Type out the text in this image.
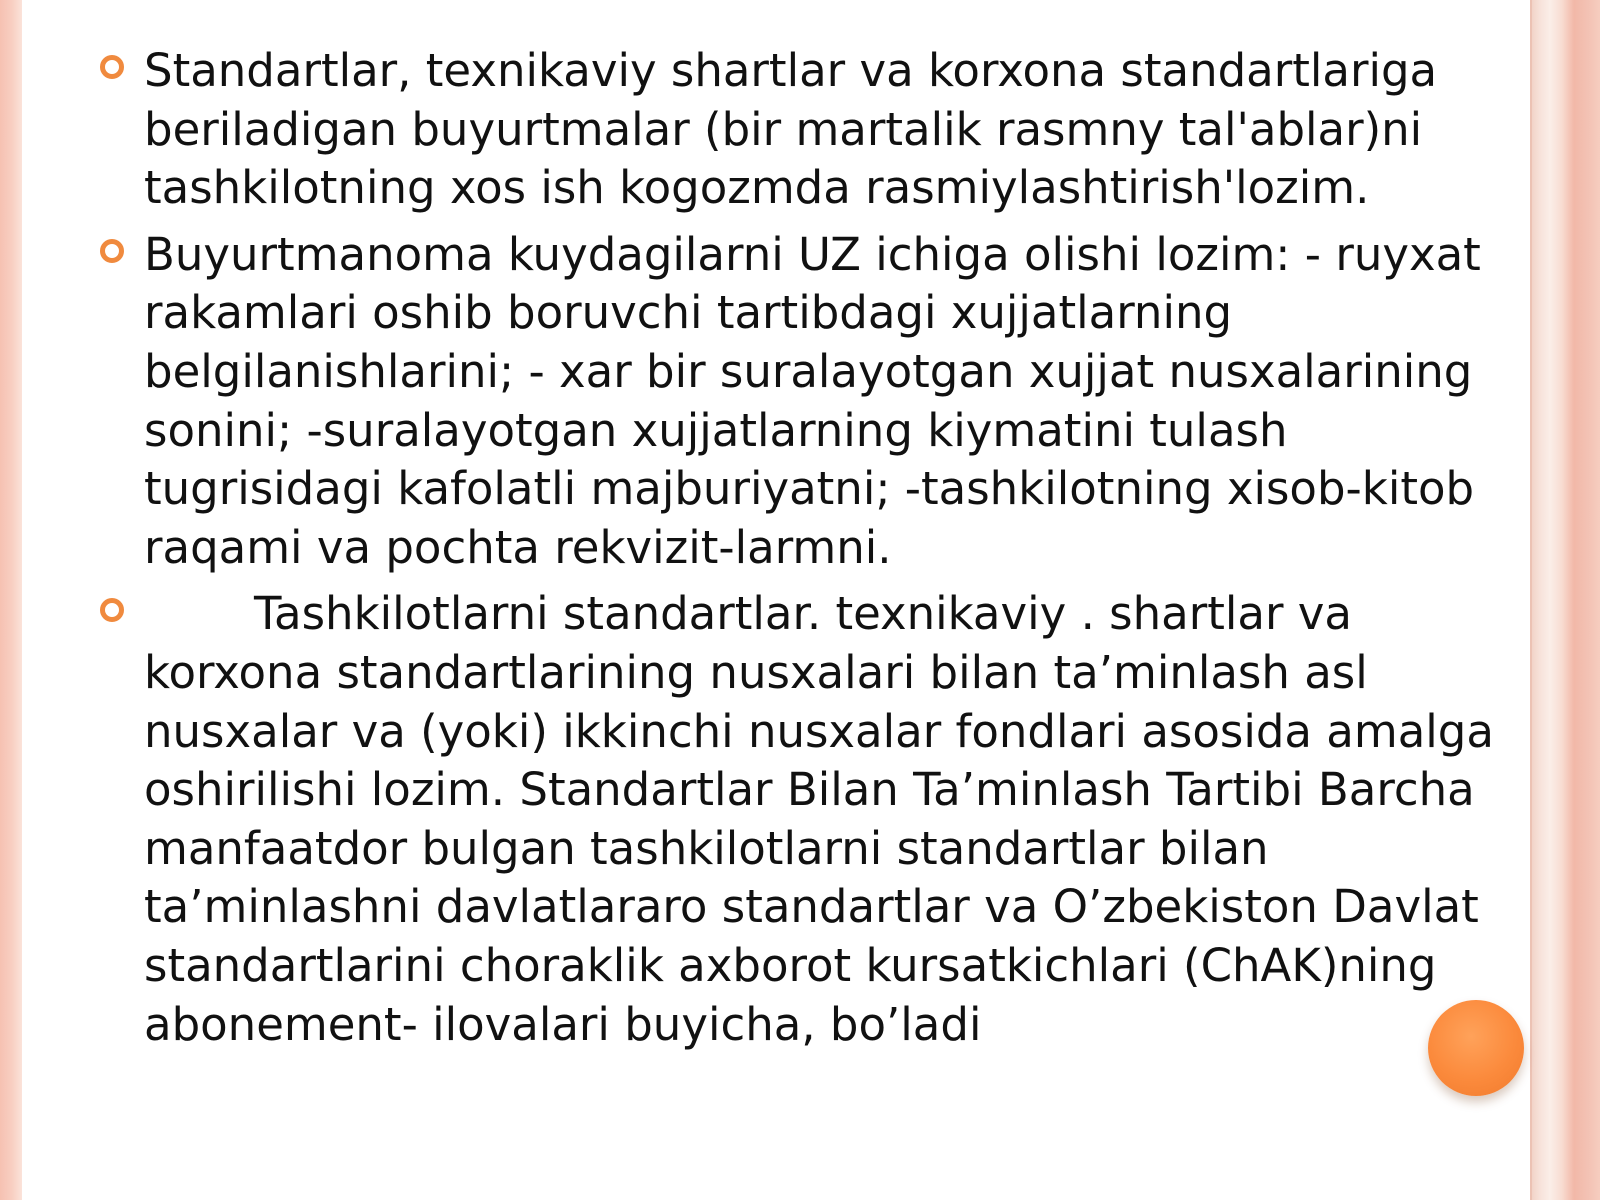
Standartlar, texnikaviy shartlar va korxona standartlariga beriladigan buyurtmalar (bir martalik rasmny tal'ablar)ni tashkilotning xos ish kogozmda rasmiylashtirish'lozim.
Buyurtmanoma kuydagilarni UZ ichiga olishi lozim: - ruyxat rakamlari oshib boruvchi tartibdagi xujjatlarning belgilanishlarini; - xar bir suralayotgan xujjat nusxalarining sonini; -suralayotgan xujjatlarning kiymatini tulash tugrisidagi kafolatli majburiyatni; -tashkilotning xisob-kitob raqami va pochta rekvizit-larmni.
Tashkilotlarni standartlar. texnikaviy . shartlar va korxona standartlarining nusxalari bilan ta’minlash asl nusxalar va (yoki) ikkinchi nusxalar fondlari asosida amalga oshirilishi lozim. Standartlar Bilan Ta’minlash Tartibi Barcha manfaatdor bulgan tashkilotlarni standartlar bilan ta’minlashni davlatlararo standartlar va O’zbekiston Davlat standartlarini choraklik axborot kursatkichlari (ChAK)ning abonement- ilovalari buyicha, bo’ladi
